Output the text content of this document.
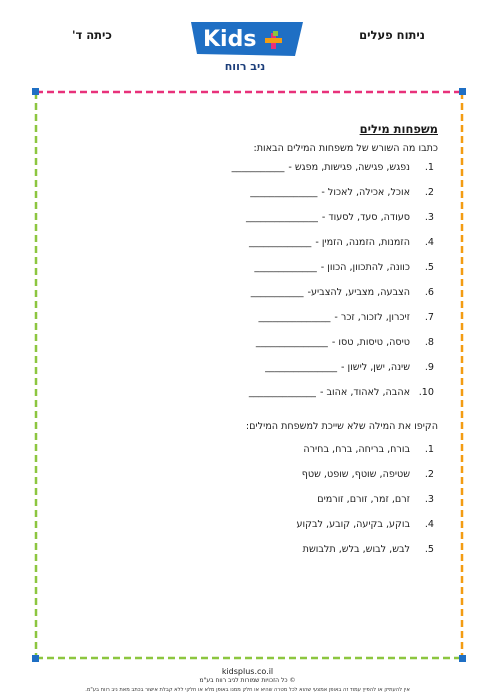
ניתוח פעלים
כיתה ד'	Kids
ניב רווח
משפחות מילים
כתבו מה השורש של משפחות המילים הבאות:
1.נפגש, פגישה, פגישות, מפגש -___________
2.אוכל, אכילה, לאכול -______________
3.סעודה, סעד, לסעוד -_______________
4.הזמנות, הזמנה, הזמין -_____________
5.כוונה, להתכוון, הכוון -_____________
6.הצבעה, מצביע, להצביע-___________
7.זיכרון, לזכור, זכר -_______________
8.טיסה, טיסות, טסו -_______________
9.שינה, ישן, לישון -_______________
10.אהבה, לאהוד, אהוב -______________
הקיפו את המילה שלא שייכת למשפחת המילים:
1.בורח, בריחה, ברח, בחירה
2.שטיפה, שוטף, שופט, שטף
3.זרם, זמר, זורם, זורמים
4.בוקע, בקיעה, קובע, לבקוע
5.לבש, לבוש, בלש, תלבושת
kidsplus.co.il
© כל הזכויות שמורות לניב רווח בע"מ
אין להעתיק או להפיץ עמוד זה באופן אמצעי שהוא לכל מטרה שהיא או חלק ממנו באופן מלא או חלקי ללא קבלת אישור בכתב מאת ניב רווח בע"מ.
